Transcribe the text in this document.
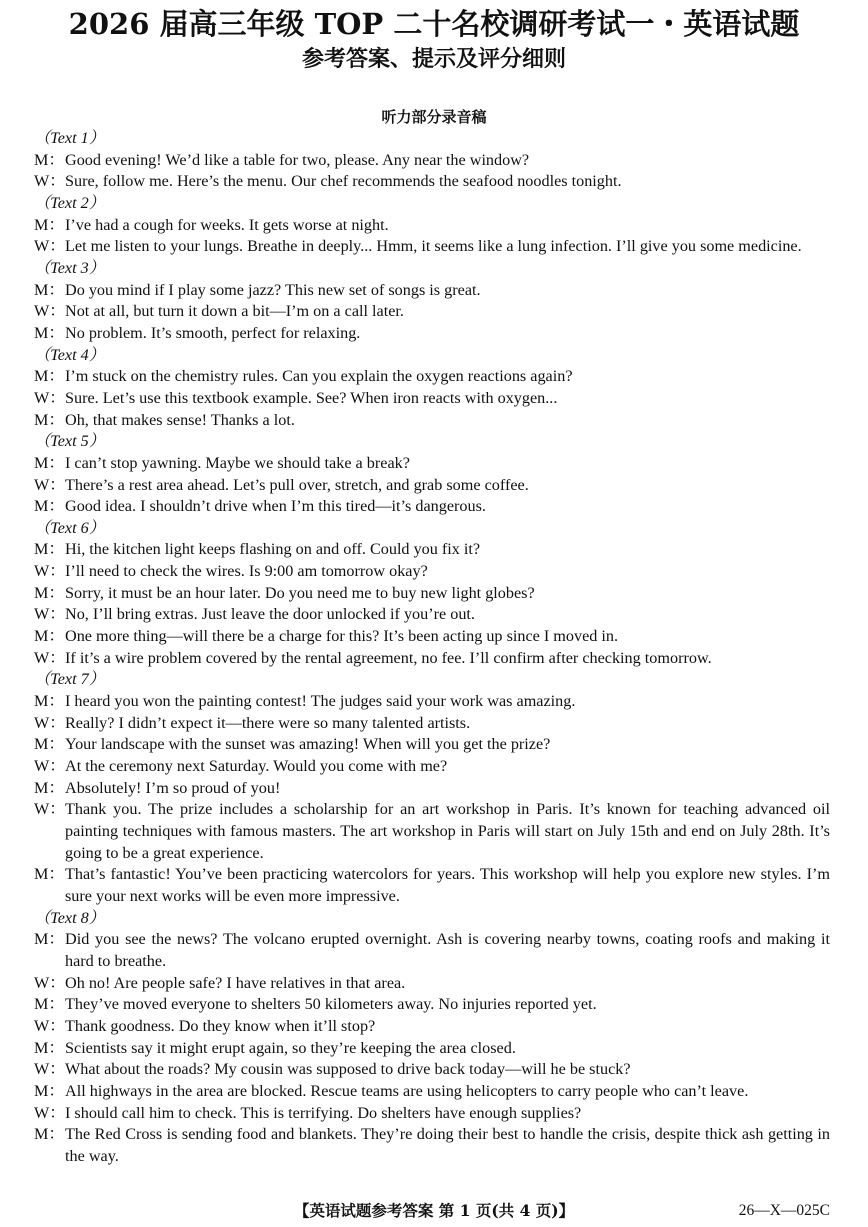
2026 届高三年级 TOP 二十名校调研考试一・英语试题
参考答案、提示及评分细则
听力部分录音稿

（Text 1）

M：Good evening! We’d like a table for two, please. Any near the window?

W：Sure, follow me. Here’s the menu. Our chef recommends the seafood noodles tonight.

（Text 2）

M：I’ve had a cough for weeks. It gets worse at night.

W：Let me listen to your lungs. Breathe in deeply... Hmm, it seems like a lung infection. I’ll give you some medicine.

（Text 3）

M：Do you mind if I play some jazz? This new set of songs is great.

W：Not at all, but turn it down a bit—I’m on a call later.

M：No problem. It’s smooth, perfect for relaxing.

（Text 4）

M：I’m stuck on the chemistry rules. Can you explain the oxygen reactions again?

W：Sure. Let’s use this textbook example. See? When iron reacts with oxygen...

M：Oh, that makes sense! Thanks a lot.

（Text 5）

M：I can’t stop yawning. Maybe we should take a break?

W：There’s a rest area ahead. Let’s pull over, stretch, and grab some coffee.

M：Good idea. I shouldn’t drive when I’m this tired—it’s dangerous.

（Text 6）

M：Hi, the kitchen light keeps flashing on and off. Could you fix it?

W：I’ll need to check the wires. Is 9:00 am tomorrow okay?

M：Sorry, it must be an hour later. Do you need me to buy new light globes?

W：No, I’ll bring extras. Just leave the door unlocked if you’re out.

M：One more thing—will there be a charge for this? It’s been acting up since I moved in.

W：If it’s a wire problem covered by the rental agreement, no fee. I’ll confirm after checking tomorrow.

（Text 7）

M：I heard you won the painting contest! The judges said your work was amazing.

W：Really? I didn’t expect it—there were so many talented artists.

M：Your landscape with the sunset was amazing! When will you get the prize?

W：At the ceremony next Saturday. Would you come with me?

M：Absolutely! I’m so proud of you!

W：Thank you. The prize includes a scholarship for an art workshop in Paris. It’s known for teaching advanced oil painting techniques with famous masters. The art workshop in Paris will start on July 15th and end on July 28th. It’s going to be a great experience.

M：That’s fantastic! You’ve been practicing watercolors for years. This workshop will help you explore new styles. I’m sure your next works will be even more impressive.

（Text 8）

M：Did you see the news? The volcano erupted overnight. Ash is covering nearby towns, coating roofs and making it hard to breathe.

W：Oh no! Are people safe? I have relatives in that area.

M：They’ve moved everyone to shelters 50 kilometers away. No injuries reported yet.

W：Thank goodness. Do they know when it’ll stop?

M：Scientists say it might erupt again, so they’re keeping the area closed.

W：What about the roads? My cousin was supposed to drive back today—will he be stuck?

M：All highways in the area are blocked. Rescue teams are using helicopters to carry people who can’t leave.

W：I should call him to check. This is terrifying. Do shelters have enough supplies?

M：The Red Cross is sending food and blankets. They’re doing their best to handle the crisis, despite thick ash getting in the way.

【英语试题参考答案 第 1 页(共 4 页)】	26—X—025C
